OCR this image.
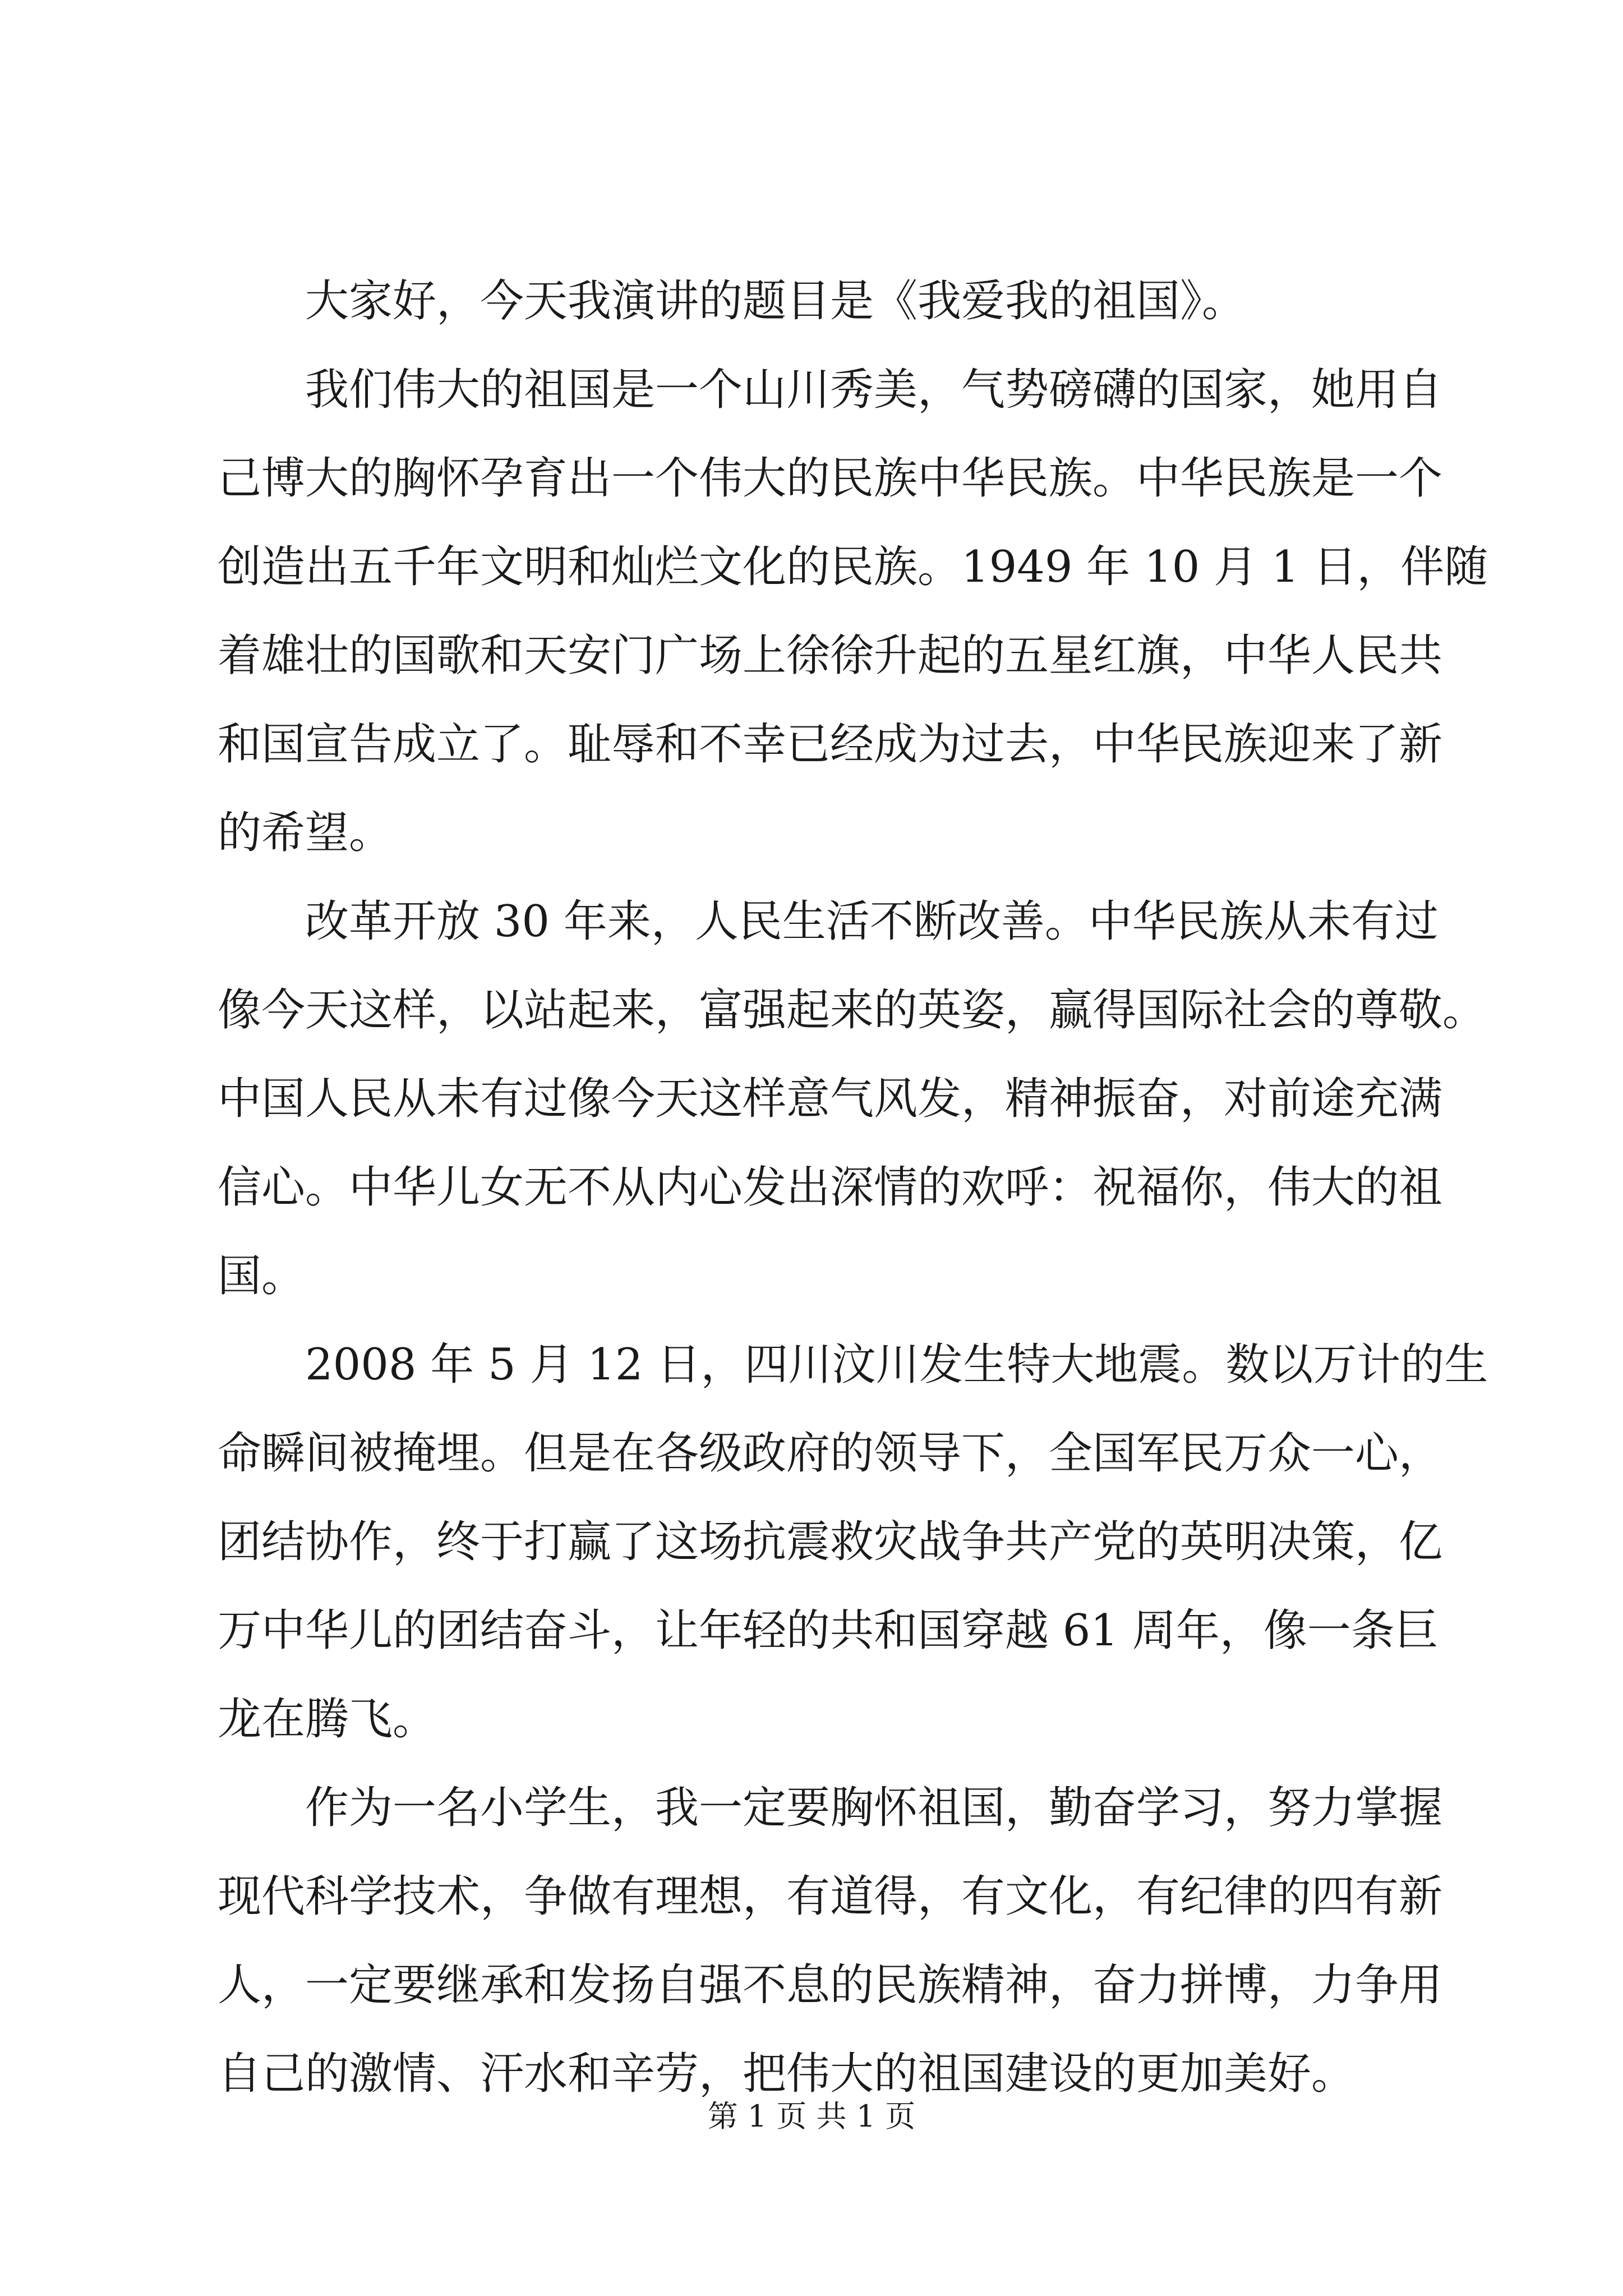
大家好，今天我演讲的题目是《我爱我的祖国》。
我们伟大的祖国是一个山川秀美，气势磅礴的国家，她用自
己博大的胸怀孕育出一个伟大的民族中华民族。中华民族是一个
创造出五千年文明和灿烂文化的民族。1949 年 10 月 1 日，伴随
着雄壮的国歌和天安门广场上徐徐升起的五星红旗，中华人民共
和国宣告成立了。耻辱和不幸已经成为过去，中华民族迎来了新
的希望。
改革开放 30 年来，人民生活不断改善。中华民族从未有过
像今天这样，以站起来，富强起来的英姿，赢得国际社会的尊敬。
中国人民从未有过像今天这样意气风发，精神振奋，对前途充满
信心。中华儿女无不从内心发出深情的欢呼：祝福你，伟大的祖
国。
2008 年 5 月 12 日，四川汶川发生特大地震。数以万计的生
命瞬间被掩埋。但是在各级政府的领导下，全国军民万众一心，
团结协作，终于打赢了这场抗震救灾战争共产党的英明决策，亿
万中华儿的团结奋斗，让年轻的共和国穿越 61 周年，像一条巨
龙在腾飞。
作为一名小学生，我一定要胸怀祖国，勤奋学习，努力掌握
现代科学技术，争做有理想，有道得，有文化，有纪律的四有新
人，一定要继承和发扬自强不息的民族精神，奋力拼博，力争用
自己的激情、汗水和辛劳，把伟大的祖国建设的更加美好。
第 1 页 共 1 页
